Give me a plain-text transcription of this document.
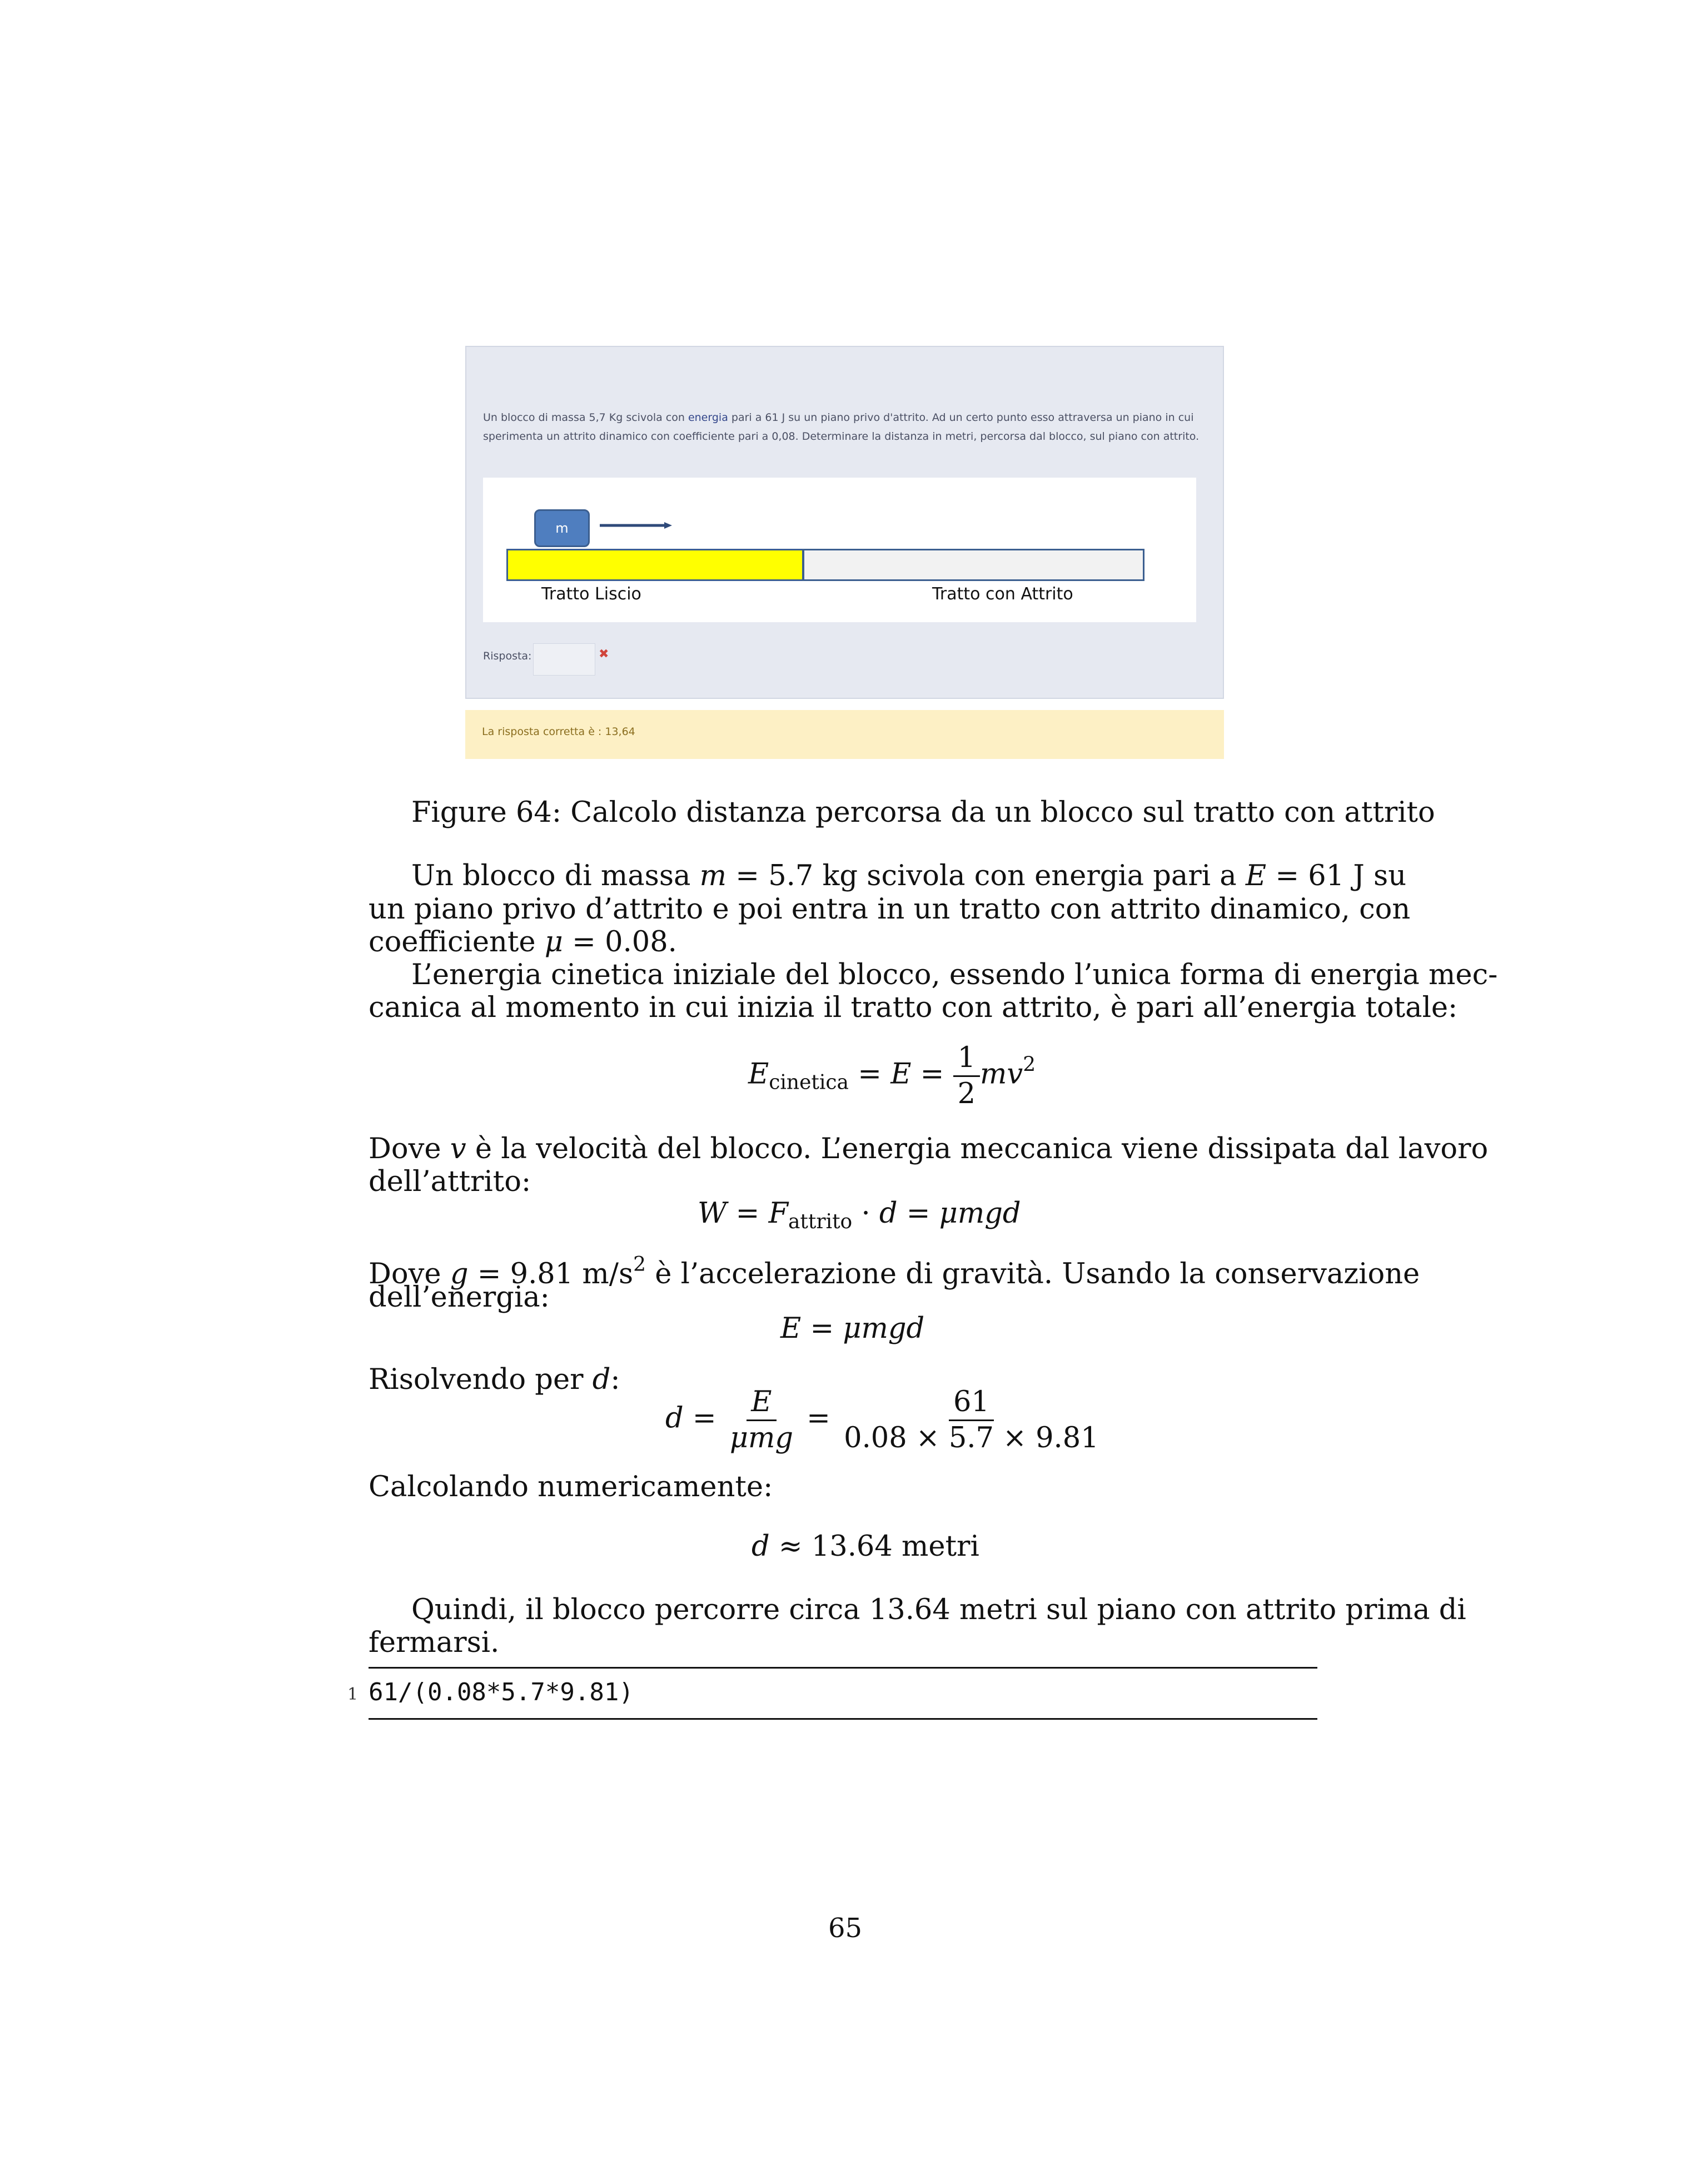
Un blocco di massa 5,7 Kg scivola con energia pari a 61 J su un piano privo d'attrito. Ad un certo punto esso attraversa un piano in cui sperimenta un attrito dinamico con coefficiente pari a 0,08. Determinare la distanza in metri, percorsa dal blocco, sul piano con attrito.
m
Tratto Liscio	Tratto con Attrito
Risposta:	✖
La risposta corretta è : 13,64
Figure 64: Calcolo distanza percorsa da un blocco sul tratto con attrito
Un blocco di massa m = 5.7 kg scivola con energia pari a E = 61 J su
un piano privo d’attrito e poi entra in un tratto con attrito dinamico, con
coefficiente μ = 0.08.
L’energia cinetica iniziale del blocco, essendo l’unica forma di energia mec-
canica al momento in cui inizia il tratto con attrito, è pari all’energia totale:
$E_{cinetica} = E = \frac{1}{2} mv^2$
Dove v è la velocità del blocco. L’energia meccanica viene dissipata dal lavoro
dell’attrito:
$W = F_{attrito} \cdot d = \mu mgd$
Dove g = 9.81 $m/s^2$ è l’accelerazione di gravità. Usando la conservazione
dell’energia:
E = μmgd
Risolvendo per d:
$d = \frac{E}{\text{μmg}} = \frac{61}{0.08 \times 5.7 \times 9.81}$
Calcolando numericamente:
d ≈ 13.64 metri
Quindi, il blocco percorre circa 13.64 metri sul piano con attrito prima di
fermarsi.
1 61/(0.08*5.7*9.81)
65
